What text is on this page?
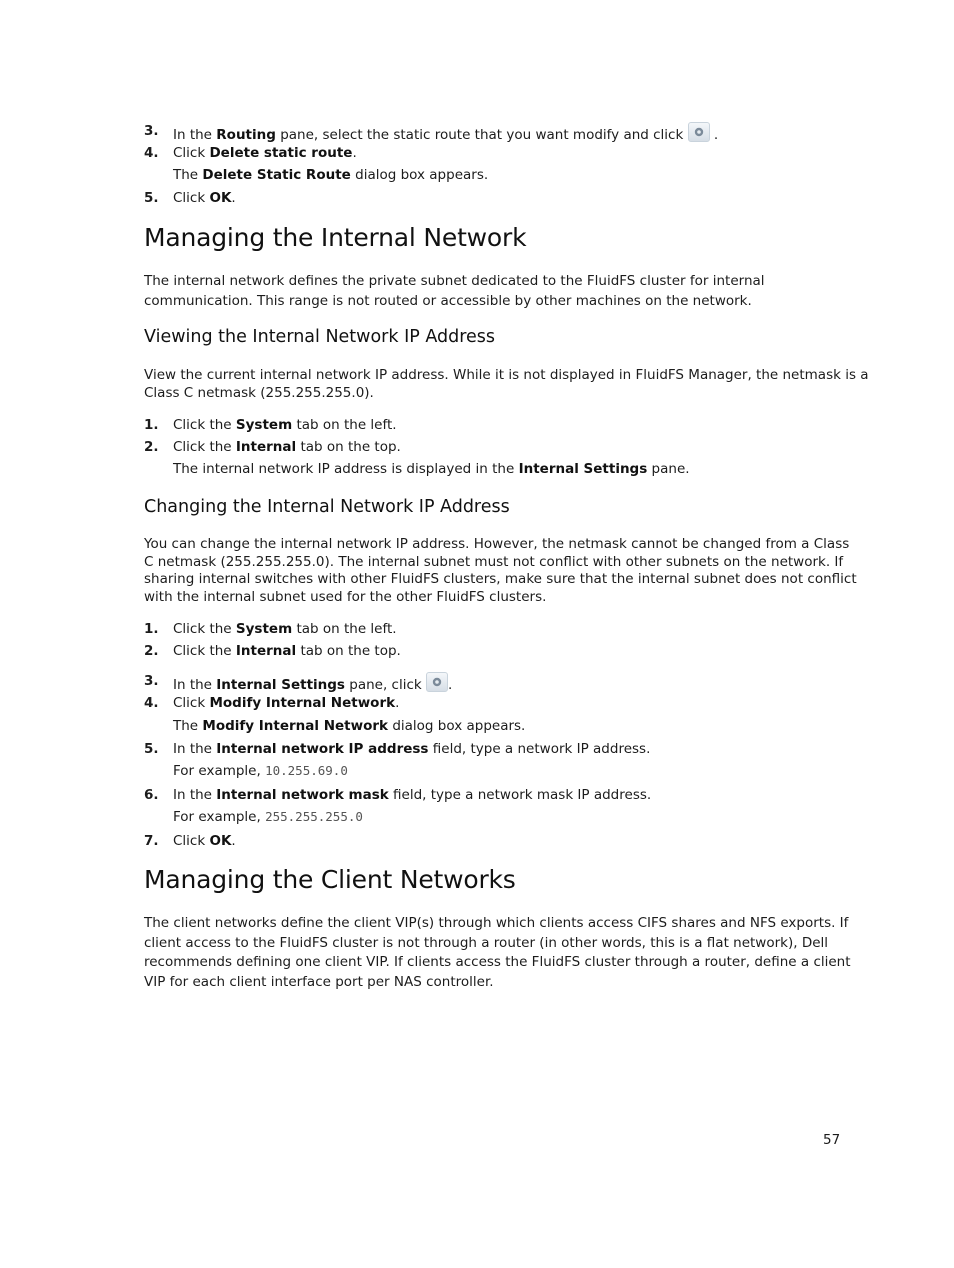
3. In the Routing pane, select the static route that you want modify and click
.
4. Click Delete static route.
The Delete Static Route dialog box appears.
5. Click OK.
Managing the Internal Network
The internal network defines the private subnet dedicated to the FluidFS cluster for internal
communication. This range is not routed or accessible by other machines on the network.
Viewing the Internal Network IP Address
View the current internal network IP address. While it is not displayed in FluidFS Manager, the netmask is a
Class C netmask (255.255.255.0).
1. Click the System tab on the left.
2. Click the Internal tab on the top.
The internal network IP address is displayed in the Internal Settings pane.
Changing the Internal Network IP Address
You can change the internal network IP address. However, the netmask cannot be changed from a Class
C netmask (255.255.255.0). The internal subnet must not conflict with other subnets on the network. If
sharing internal switches with other FluidFS clusters, make sure that the internal subnet does not conflict
with the internal subnet used for the other FluidFS clusters.
1. Click the System tab on the left.
2. Click the Internal tab on the top.
3. In the Internal Settings pane, click
.
4. Click Modify Internal Network.
The Modify Internal Network dialog box appears.
5. In the Internal network IP address field, type a network IP address.
For example, 10.255.69.0
6. In the Internal network mask field, type a network mask IP address.
For example, 255.255.255.0
7. Click OK.
Managing the Client Networks
The client networks define the client VIP(s) through which clients access CIFS shares and NFS exports. If
client access to the FluidFS cluster is not through a router (in other words, this is a flat network), Dell
recommends defining one client VIP. If clients access the FluidFS cluster through a router, define a client
VIP for each client interface port per NAS controller.
57
